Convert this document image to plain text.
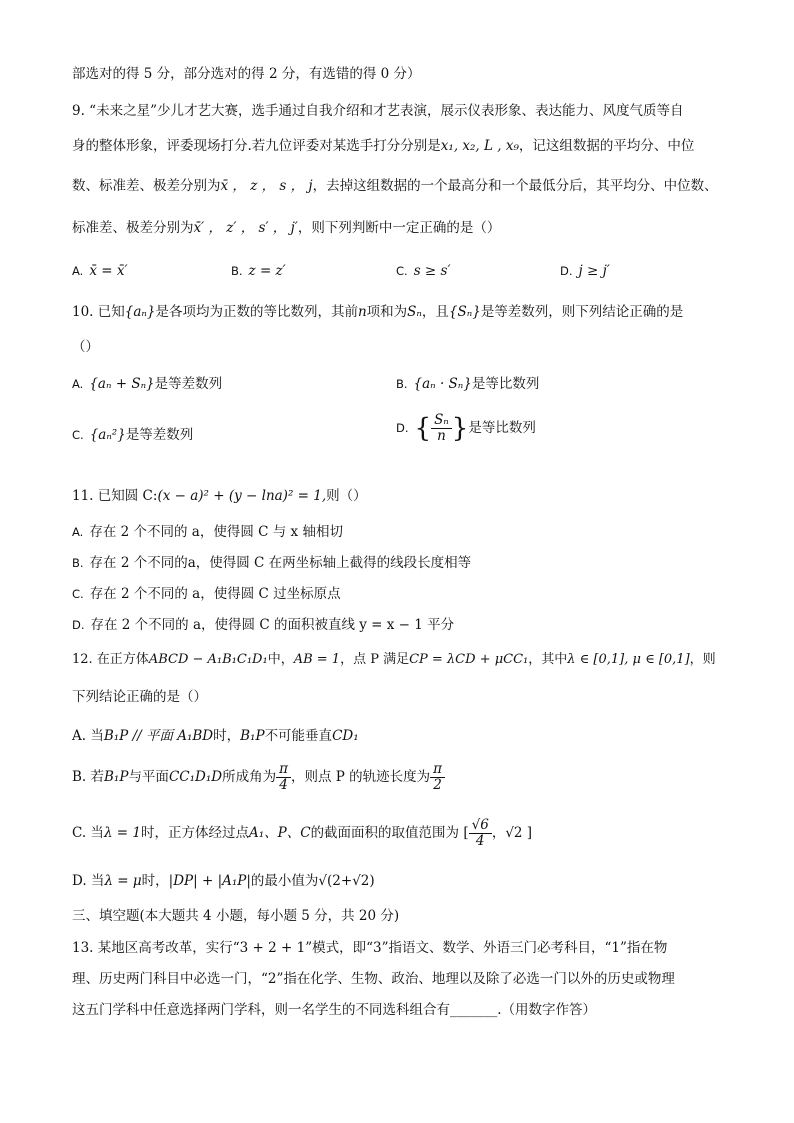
部选对的得 5 分，部分选对的得 2 分，有选错的得 0 分）
9. “未来之星”少儿才艺大赛，选手通过自我介绍和才艺表演，展示仪表形象、表达能力、风度气质等自
身的整体形象，评委现场打分.若九位评委对某选手打分分别是x₁, x₂, L , x₉，记这组数据的平均分、中位
数、标准差、极差分别为x̄ ， z ， s ， j，去掉这组数据的一个最高分和一个最低分后，其平均分、中位数、
标准差、极差分别为x̄′ ， z′ ， s′ ， j′，则下列判断中一定正确的是（）
A. x̄ = x̄′	B. z = z′	C. s ≥ s′	D. j ≥ j′
10. 已知{aₙ}是各项均为正数的等比数列，其前n项和为Sₙ，且{Sₙ}是等差数列，则下列结论正确的是
（）
A. {aₙ + Sₙ}是等差数列	B. {aₙ · Sₙ}是等比数列
C. {aₙ²}是等差数列	D. { $\frac{\text{Sₙ}}{n}$ }是等比数列
11. 已知圆 C:(x − a)² + (y − lna)² = 1,则（）
A. 存在 2 个不同的 a，使得圆 C 与 x 轴相切
B. 存在 2 个不同的a，使得圆 C 在两坐标轴上截得的线段长度相等
C. 存在 2 个不同的 a，使得圆 C 过坐标原点
D. 存在 2 个不同的 a，使得圆 C 的面积被直线 y = x − 1 平分
12. 在正方体ABCD − A₁B₁C₁D₁中，AB = 1，点 P 满足CP = λCD + μCC₁，其中λ ∈ [0,1], μ ∈ [0,1]，则
下列结论正确的是（）
A. 当B₁P // 平面 A₁BD时，B₁P不可能垂直CD₁
B. 若B₁P与平面CC₁D₁D所成角为 $\frac{\pi}{4}$ ，则点 P 的轨迹长度为 $\frac{\pi}{2}$
C. 当λ = 1时，正方体经过点A₁、P、C的截面面积的取值范围为 [ $\frac{√6}{4}$ ，√2 ]
D. 当λ = μ时，|DP| + |A₁P|的最小值为√(2+√2)
三、填空题(本大题共 4 小题，每小题 5 分，共 20 分)
13. 某地区高考改革，实行“3 + 2 + 1”模式，即“3”指语文、数学、外语三门必考科目，“1”指在物
理、历史两门科目中必选一门，“2”指在化学、生物、政治、地理以及除了必选一门以外的历史或物理
这五门学科中任意选择两门学科，则一名学生的不同选科组合有_______.（用数字作答）
